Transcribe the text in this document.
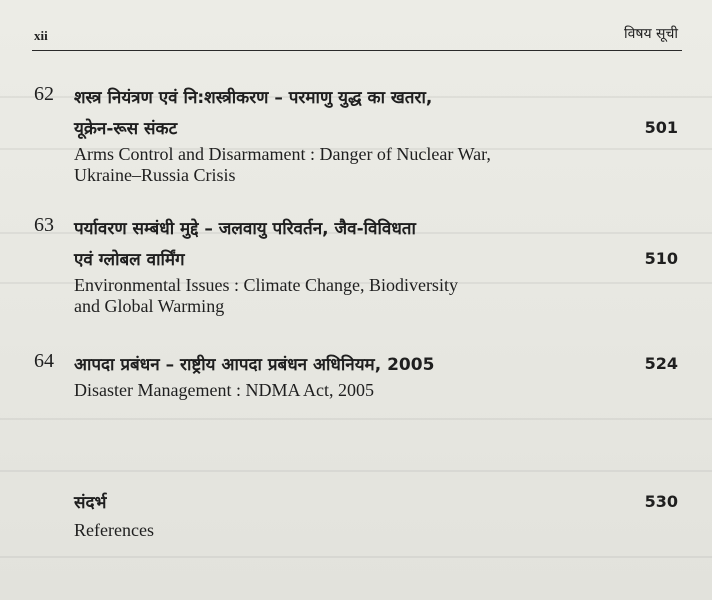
xii	विषय सूची
62 शस्त्र नियंत्रण एवं नि:शस्त्रीकरण – परमाणु युद्ध का खतरा,
यूक्रेन-रूस संकट	501
Arms Control and Disarmament : Danger of Nuclear War,
Ukraine–Russia Crisis
63 पर्यावरण सम्बंधी मुद्दे – जलवायु परिवर्तन, जैव-विविधता
एवं ग्लोबल वार्मिंग	510
Environmental Issues : Climate Change, Biodiversity
and Global Warming
64 आपदा प्रबंधन – राष्ट्रीय आपदा प्रबंधन अधिनियम, 2005	524
Disaster Management : NDMA Act, 2005
संदर्भ	530
References
